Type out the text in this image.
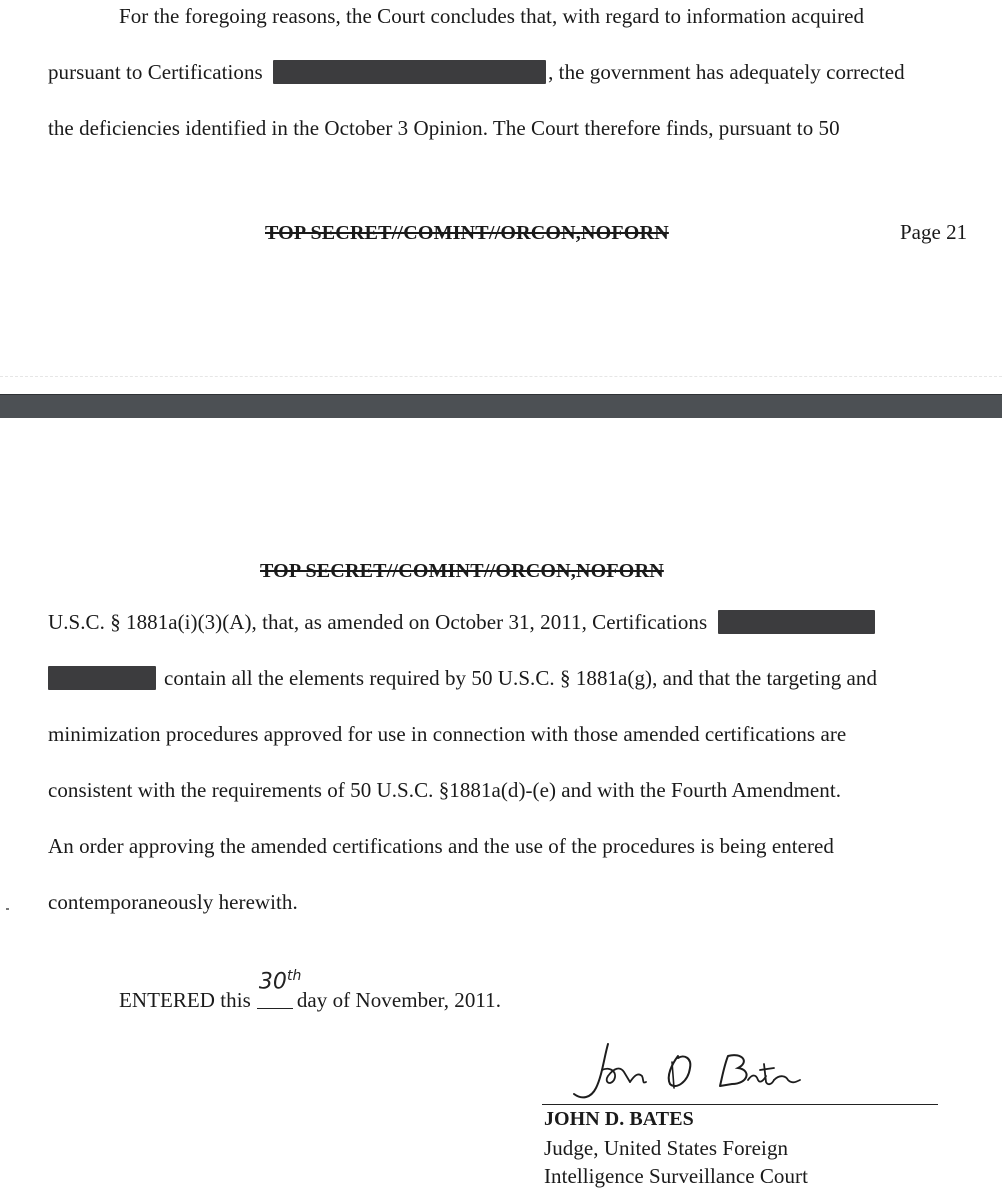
For the foregoing reasons, the Court concludes that, with regard to information acquired
pursuant to Certifications	, the government has adequately corrected
the deficiencies identified in the October 3 Opinion. The Court therefore finds, pursuant to 50
TOP SECRET//COMINT//ORCON,NOFORN	Page 21
TOP SECRET//COMINT//ORCON,NOFORN
U.S.C. § 1881a(i)(3)(A), that, as amended on October 31, 2011, Certifications
contain all the elements required by 50 U.S.C. § 1881a(g), and that the targeting and
minimization procedures approved for use in connection with those amended certifications are
consistent with the requirements of 50 U.S.C. §1881a(d)-(e) and with the Fourth Amendment.
An order approving the amended certifications and the use of the procedures is being entered
contemporaneously herewith.
ENTERED this
30th
day of November, 2011.
JOHN D. BATES
Judge, United States Foreign
Intelligence Surveillance Court
